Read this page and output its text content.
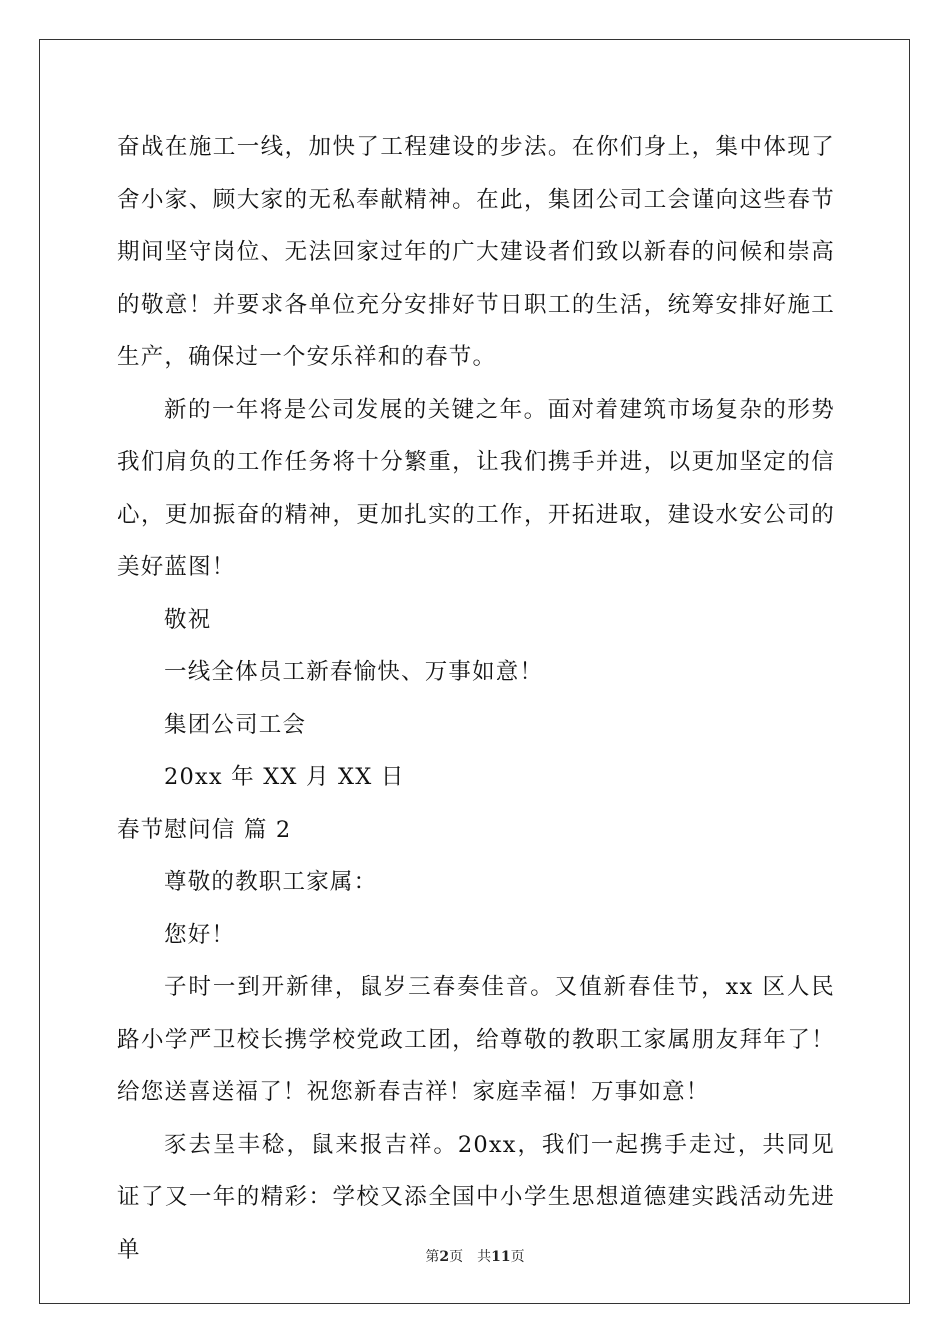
奋战在施工一线，加快了工程建设的步法。在你们身上，集中体现了舍小家、顾大家的无私奉献精神。在此，集团公司工会谨向这些春节期间坚守岗位、无法回家过年的广大建设者们致以新春的问候和崇高的敬意！并要求各单位充分安排好节日职工的生活，统筹安排好施工生产，确保过一个安乐祥和的春节。

新的一年将是公司发展的关键之年。面对着建筑市场复杂的形势我们肩负的工作任务将十分繁重，让我们携手并进，以更加坚定的信心，更加振奋的精神，更加扎实的工作，开拓进取，建设水安公司的美好蓝图！

敬祝

一线全体员工新春愉快、万事如意！

集团公司工会

20xx 年 XX 月 XX 日

春节慰问信 篇 2

尊敬的教职工家属：

您好！

子时一到开新律，鼠岁三春奏佳音。又值新春佳节，xx 区人民路小学严卫校长携学校党政工团，给尊敬的教职工家属朋友拜年了！给您送喜送福了！祝您新春吉祥！家庭幸福！万事如意！

豕去呈丰稔，鼠来报吉祥。20xx，我们一起携手走过，共同见证了又一年的精彩：学校又添全国中小学生思想道德建实践活动先进单	第2页 共11页
